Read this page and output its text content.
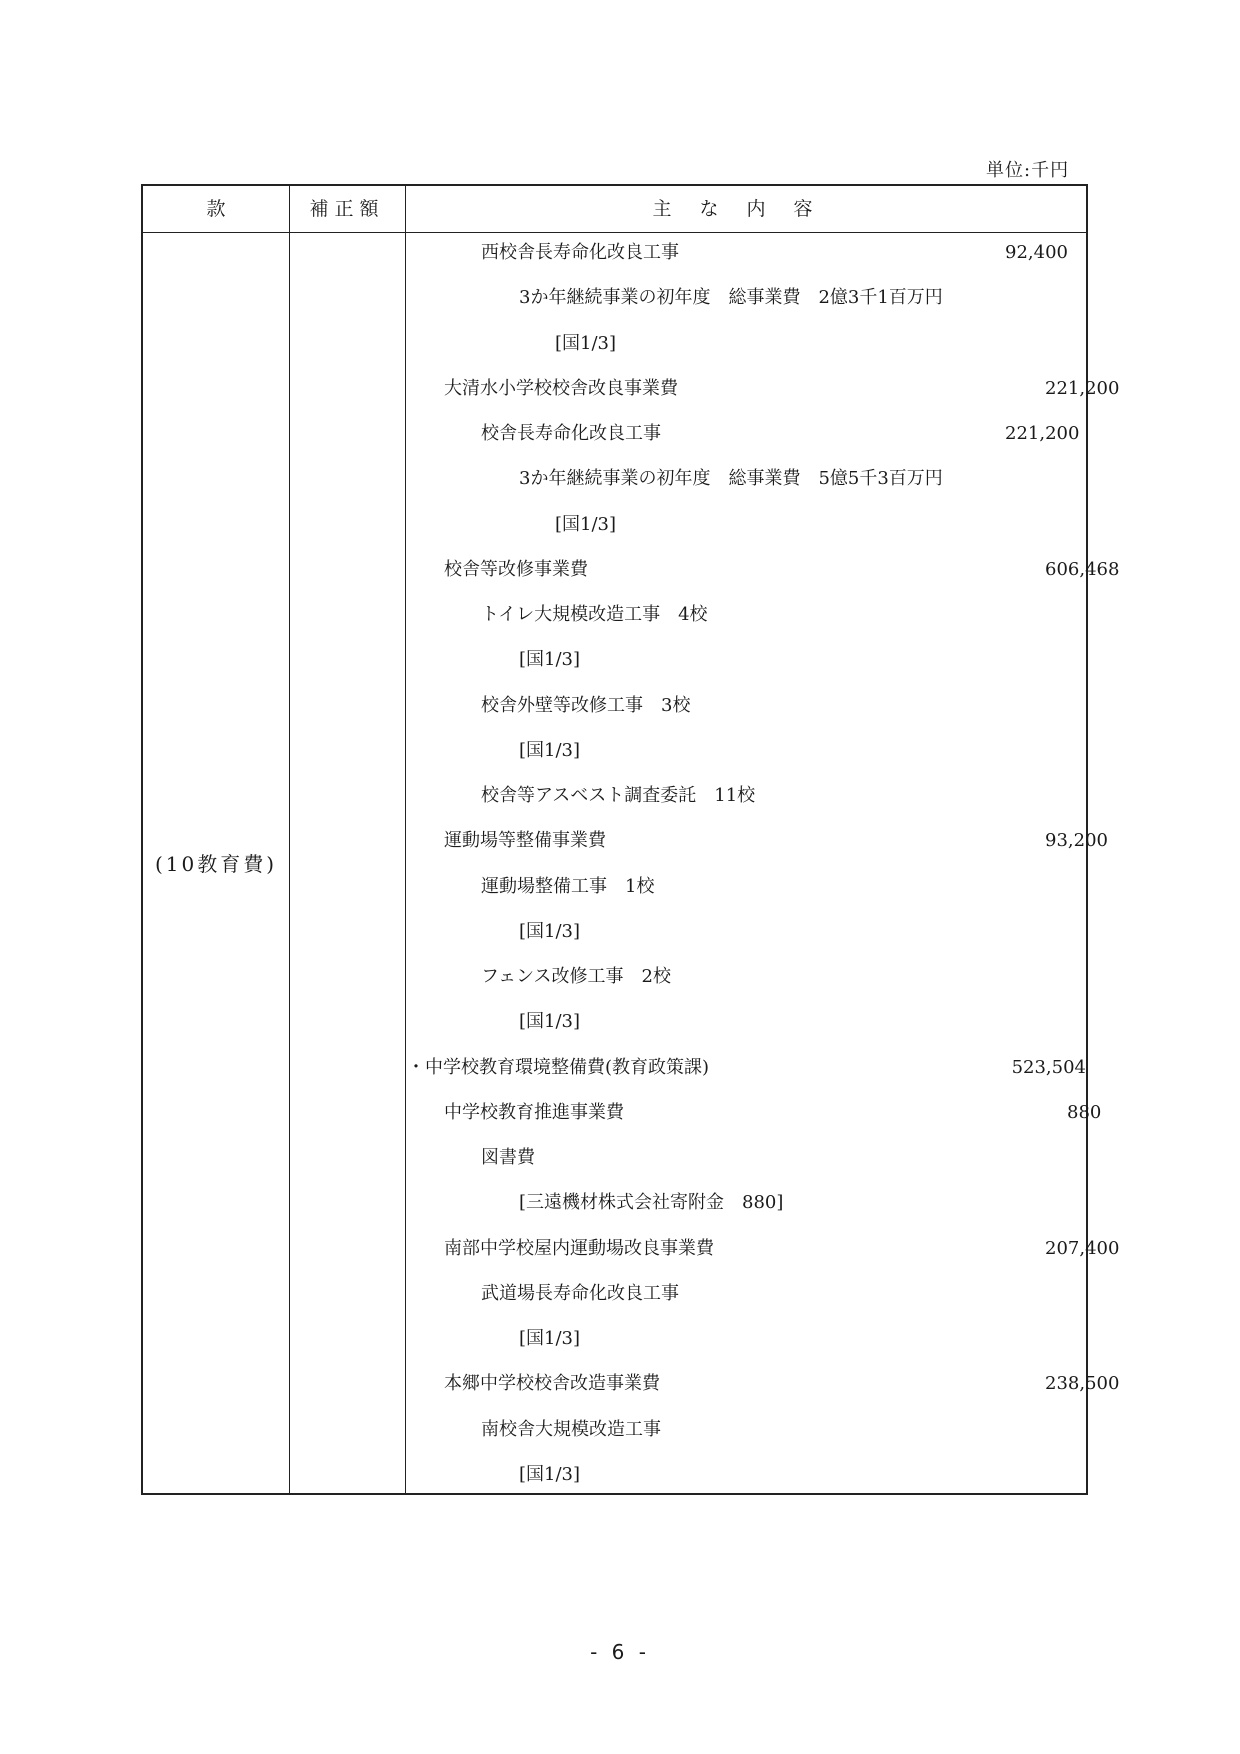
単位:千円
款	補正額	主な内容
(10教育費)
西校舎長寿命化改良工事	92,400
3か年継続事業の初年度　総事業費　2億3千1百万円
[国1/3]
大清水小学校校舎改良事業費	221,200
校舎長寿命化改良工事	221,200
3か年継続事業の初年度　総事業費　5億5千3百万円
[国1/3]
校舎等改修事業費	606,468
トイレ大規模改造工事　4校
[国1/3]
校舎外壁等改修工事　3校
[国1/3]
校舎等アスベスト調査委託　11校
運動場等整備事業費	93,200
運動場整備工事　1校
[国1/3]
フェンス改修工事　2校
[国1/3]
・中学校教育環境整備費(教育政策課)	523,504
中学校教育推進事業費	880
図書費
[三遠機材株式会社寄附金　880]
南部中学校屋内運動場改良事業費	207,400
武道場長寿命化改良工事
[国1/3]
本郷中学校校舎改造事業費	238,500
南校舎大規模改造工事
[国1/3]
- 6 -
